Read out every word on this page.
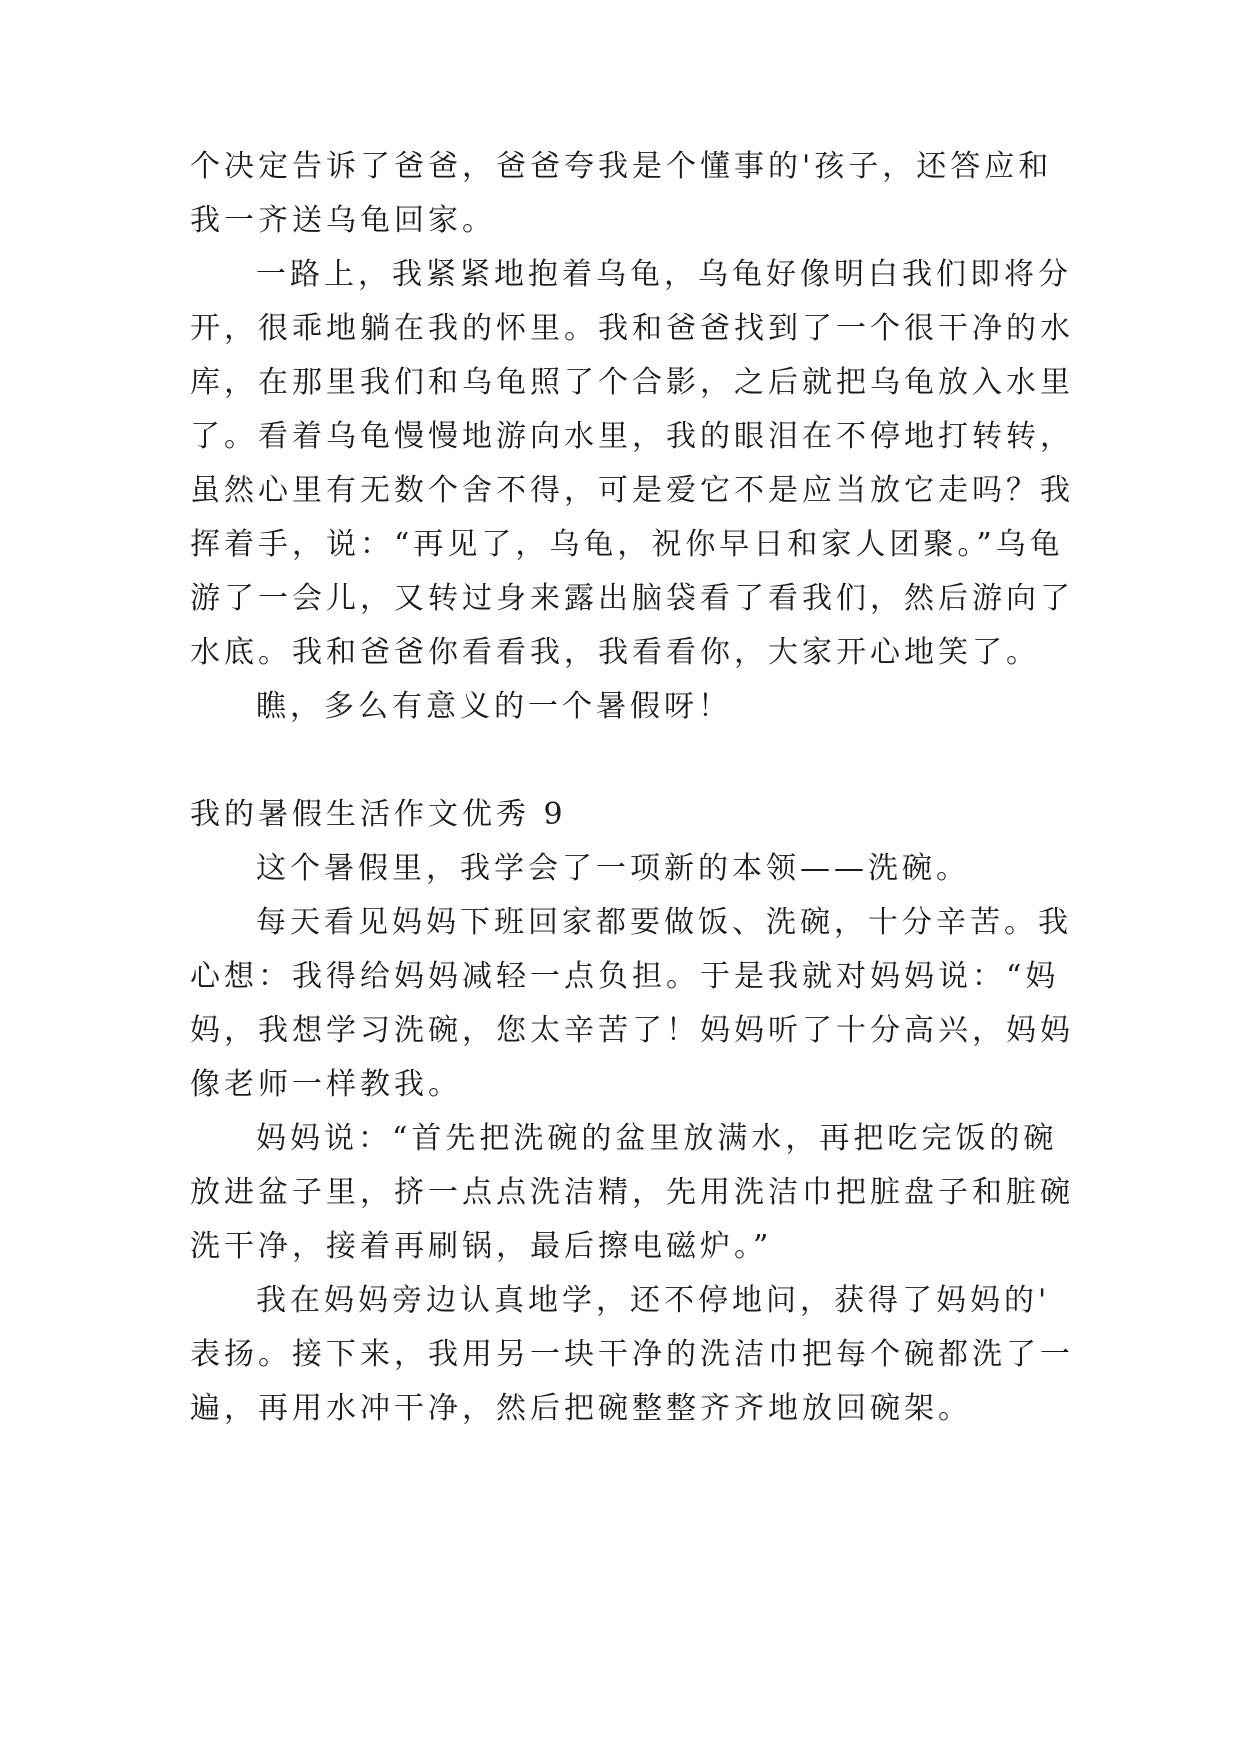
个决定告诉了爸爸，爸爸夸我是个懂事的'孩子，还答应和
我一齐送乌龟回家。
一路上，我紧紧地抱着乌龟，乌龟好像明白我们即将分
开，很乖地躺在我的怀里。我和爸爸找到了一个很干净的水
库，在那里我们和乌龟照了个合影，之后就把乌龟放入水里
了。看着乌龟慢慢地游向水里，我的眼泪在不停地打转转，
虽然心里有无数个舍不得，可是爱它不是应当放它走吗？我
挥着手，说：“再见了，乌龟，祝你早日和家人团聚。”乌龟
游了一会儿，又转过身来露出脑袋看了看我们，然后游向了
水底。我和爸爸你看看我，我看看你，大家开心地笑了。
瞧，多么有意义的一个暑假呀！
我的暑假生活作文优秀 9
这个暑假里，我学会了一项新的本领——洗碗。
每天看见妈妈下班回家都要做饭、洗碗，十分辛苦。我
心想：我得给妈妈减轻一点负担。于是我就对妈妈说：“妈
妈，我想学习洗碗，您太辛苦了！妈妈听了十分高兴，妈妈
像老师一样教我。
妈妈说：“首先把洗碗的盆里放满水，再把吃完饭的碗
放进盆子里，挤一点点洗洁精，先用洗洁巾把脏盘子和脏碗
洗干净，接着再刷锅，最后擦电磁炉。”
我在妈妈旁边认真地学，还不停地问，获得了妈妈的'
表扬。接下来，我用另一块干净的洗洁巾把每个碗都洗了一
遍，再用水冲干净，然后把碗整整齐齐地放回碗架。
